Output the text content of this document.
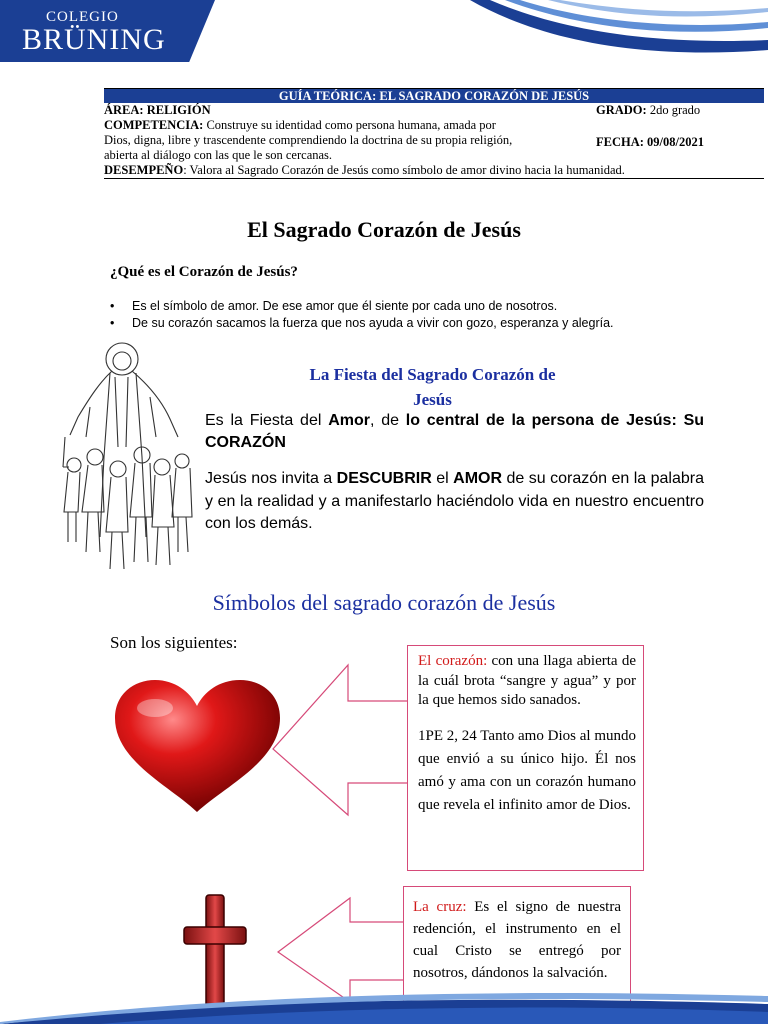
COLEGIO
BRÜNING
GUÍA TEÓRICA: EL SAGRADO CORAZÓN DE JESÚS
ÁREA: RELIGIÓN	GRADO: 2do grado
COMPETENCIA: Construye su identidad como persona humana, amada por
Dios, digna, libre y trascendente comprendiendo la doctrina de su propia religión,	FECHA: 09/08/2021
abierta al diálogo con las que le son cercanas.
DESEMPEÑO: Valora al Sagrado Corazón de Jesús como símbolo de amor divino hacia la humanidad.
El Sagrado Corazón de Jesús
¿Qué es el Corazón de Jesús?
• Es el símbolo de amor. De ese amor que él siente por cada uno de nosotros.
• De su corazón sacamos la fuerza que nos ayuda a vivir con gozo, esperanza y alegría.
La Fiesta del Sagrado Corazón de
Jesús

Es la Fiesta del Amor, de lo central de la persona de Jesús: Su CORAZÓN

Jesús nos invita a DESCUBRIR el AMOR de su corazón en la palabra y en la realidad y a manifestarlo haciéndolo vida en nuestro encuentro con los demás.

Símbolos del sagrado corazón de Jesús
Son los siguientes:

El corazón: con una llaga abierta de la cuál brota “sangre y agua” y por la que hemos sido sanados.

1PE 2, 24 Tanto amo Dios al mundo que envió a su único hijo. Él nos amó y ama con un corazón humano que revela el infinito amor de Dios.

La cruz: Es el signo de nuestra redención, el instrumento en el cual Cristo se entregó por nosotros, dándonos la salvación.
